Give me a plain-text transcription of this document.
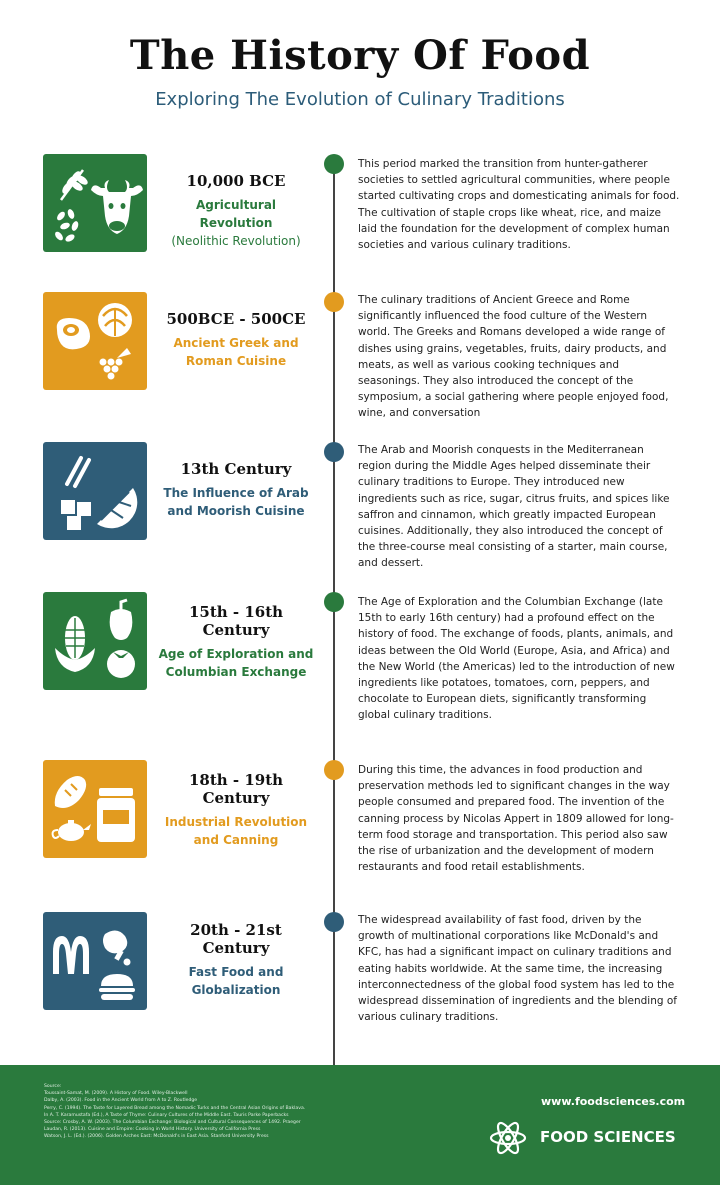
The History Of Food
Exploring The Evolution of Culinary Traditions
10,000 BCE
Agricultural Revolution
(Neolithic Revolution)
This period marked the transition from hunter-gatherer societies to settled agricultural communities, where people started cultivating crops and domesticating animals for food. The cultivation of staple crops like wheat, rice, and maize laid the foundation for the development of complex human societies and various culinary traditions.
500BCE - 500CE
Ancient Greek and Roman Cuisine
The culinary traditions of Ancient Greece and Rome significantly influenced the food culture of the Western world. The Greeks and Romans developed a wide range of dishes using grains, vegetables, fruits, dairy products, and meats, as well as various cooking techniques and seasonings. They also introduced the concept of the symposium, a social gathering where people enjoyed food, wine, and conversation
13th Century
The Influence of Arab and Moorish Cuisine
The Arab and Moorish conquests in the Mediterranean region during the Middle Ages helped disseminate their culinary traditions to Europe. They introduced new ingredients such as rice, sugar, citrus fruits, and spices like saffron and cinnamon, which greatly impacted European cuisines. Additionally, they also introduced the concept of the three-course meal consisting of a starter, main course, and dessert.
15th - 16th Century
Age of Exploration and Columbian Exchange
The Age of Exploration and the Columbian Exchange (late 15th to early 16th century) had a profound effect on the history of food. The exchange of foods, plants, animals, and ideas between the Old World (Europe, Asia, and Africa) and the New World (the Americas) led to the introduction of new ingredients like potatoes, tomatoes, corn, peppers, and chocolate to European diets, significantly transforming global culinary traditions.
18th - 19th Century
Industrial Revolution and Canning
During this time, the advances in food production and preservation methods led to significant changes in the way people consumed and prepared food. The invention of the canning process by Nicolas Appert in 1809 allowed for long-term food storage and transportation. This period also saw the rise of urbanization and the development of modern restaurants and food retail establishments.
20th - 21st Century
Fast Food and Globalization
The widespread availability of fast food, driven by the growth of multinational corporations like McDonald's and KFC, has had a significant impact on culinary traditions and eating habits worldwide. At the same time, the increasing interconnectedness of the global food system has led to the widespread dissemination of ingredients and the blending of various culinary traditions.
Source:
Toussaint-Samat, M. (2009). A History of Food. Wiley-Blackwell
Dalby, A. (2003). Food in the Ancient World from A to Z. Routledge
Perry, C. (1994). The Taste for Layered Bread among the Nomadic Turks and the Central Asian Origins of Baklava.
In A. T. Karamustafa (Ed.), A Taste of Thyme: Culinary Cultures of the Middle East. Tauris Parke Paperbacks
Source: Crosby, A. W. (2003). The Columbian Exchange: Biological and Cultural Consequences of 1492. Praeger
Laudan, R. (2013). Cuisine and Empire: Cooking in World History. University of California Press
Watson, J. L. (Ed.). (2006). Golden Arches East: McDonald's in East Asia. Stanford University Press
www.foodsciences.com
FOOD SCIENCES
